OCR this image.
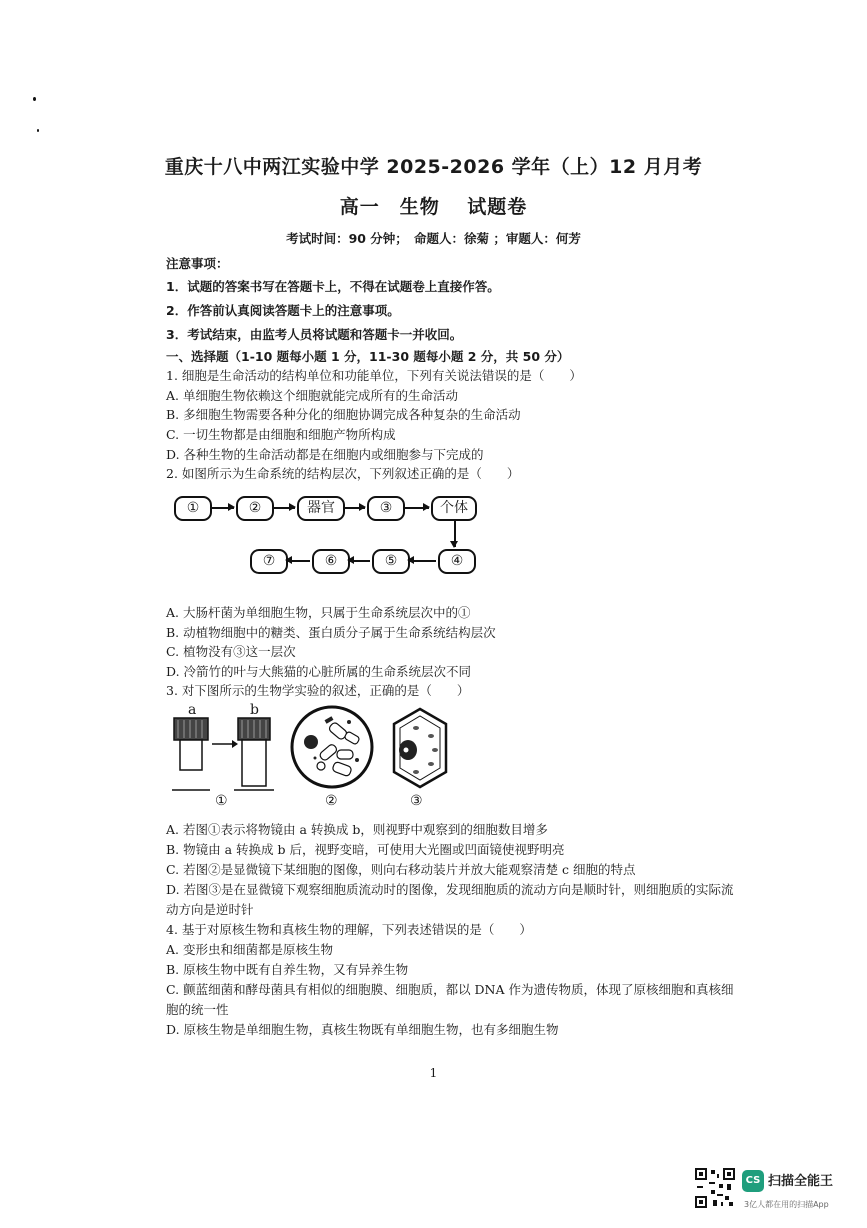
重庆十八中两江实验中学 2025-2026 学年（上）12 月月考
高一　生物　 试题卷
考试时间：90 分钟；　命题人：徐菊 ；审题人：何芳
注意事项：
1．试题的答案书写在答题卡上，不得在试题卷上直接作答。
2．作答前认真阅读答题卡上的注意事项。
3．考试结束，由监考人员将试题和答题卡一并收回。
一、选择题（1-10 题每小题 1 分，11-30 题每小题 2 分，共 50 分）
1. 细胞是生命活动的结构单位和功能单位，下列有关说法错误的是（　　）
A. 单细胞生物依赖这个细胞就能完成所有的生命活动
B. 多细胞生物需要各种分化的细胞协调完成各种复杂的生命活动
C. 一切生物都是由细胞和细胞产物所构成
D. 各种生物的生命活动都是在细胞内或细胞参与下完成的
2. 如图所示为生命系统的结构层次，下列叙述正确的是（　　）
①	②	器官	③	个体
⑦	⑥	⑤	④
A. 大肠杆菌为单细胞生物，只属于生命系统层次中的①
B. 动植物细胞中的糖类、蛋白质分子属于生命系统结构层次
C. 植物没有③这一层次
D. 冷箭竹的叶与大熊猫的心脏所属的生命系统层次不同
3. 对下图所示的生物学实验的叙述，正确的是（　　）
a	b
①	②	③
A. 若图①表示将物镜由 a 转换成 b，则视野中观察到的细胞数目增多
B. 物镜由 a 转换成 b 后，视野变暗，可使用大光圈或凹面镜使视野明亮
C. 若图②是显微镜下某细胞的图像，则向右移动装片并放大能观察清楚 c 细胞的特点
D. 若图③是在显微镜下观察细胞质流动时的图像，发现细胞质的流动方向是顺时针，则细胞质的实际流
动方向是逆时针
4. 基于对原核生物和真核生物的理解，下列表述错误的是（　　）
A. 变形虫和细菌都是原核生物
B. 原核生物中既有自养生物，又有异养生物
C. 颤蓝细菌和酵母菌具有相似的细胞膜、细胞质，都以 DNA 作为遗传物质，体现了原核细胞和真核细
胞的统一性
D. 原核生物是单细胞生物，真核生物既有单细胞生物，也有多细胞生物
1
CS 扫描全能王
3亿人都在用的扫描App
